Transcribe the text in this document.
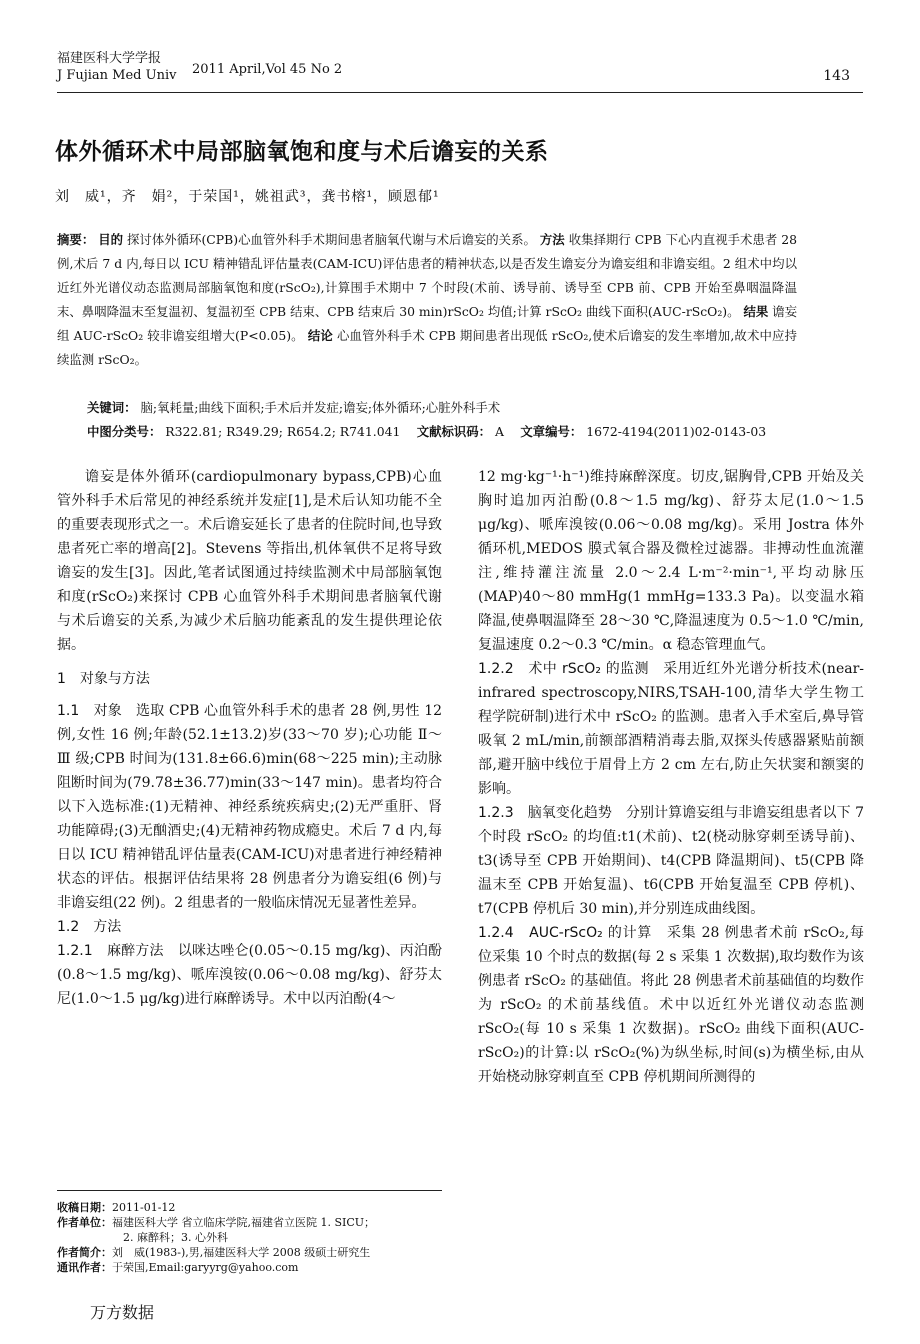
福建医科大学学报
J Fujian Med Univ 2011 April,Vol 45 No 2	143
体外循环术中局部脑氧饱和度与术后谵妄的关系
刘　威¹，齐　娟²，于荣国¹，姚祖武³，龚书榕¹，顾恩郁¹
摘要： 目的 探讨体外循环(CPB)心血管外科手术期间患者脑氧代谢与术后谵妄的关系。 方法 收集择期行 CPB 下心内直视手术患者 28 例,术后 7 d 内,每日以 ICU 精神错乱评估量表(CAM-ICU)评估患者的精神状态,以是否发生谵妄分为谵妄组和非谵妄组。2 组术中均以近红外光谱仪动态监测局部脑氧饱和度(rScO₂),计算围手术期中 7 个时段(术前、诱导前、诱导至 CPB 前、CPB 开始至鼻咽温降温末、鼻咽降温末至复温初、复温初至 CPB 结束、CPB 结束后 30 min)rScO₂ 均值;计算 rScO₂ 曲线下面积(AUC-rScO₂)。 结果 谵妄组 AUC-rScO₂ 较非谵妄组增大(P<0.05)。 结论 心血管外科手术 CPB 期间患者出现低 rScO₂,使术后谵妄的发生率增加,故术中应持续监测 rScO₂。
关键词： 脑;氧耗量;曲线下面积;手术后并发症;谵妄;体外循环;心脏外科手术
中图分类号： R322.81; R349.29; R654.2; R741.041　 文献标识码： A　 文章编号： 1672-4194(2011)02-0143-03

谵妄是体外循环(cardiopulmonary bypass,CPB)心血管外科手术后常见的神经系统并发症[1],是术后认知功能不全的重要表现形式之一。术后谵妄延长了患者的住院时间,也导致患者死亡率的增高[2]。Stevens 等指出,机体氧供不足将导致谵妄的发生[3]。因此,笔者试图通过持续监测术中局部脑氧饱和度(rScO₂)来探讨 CPB 心血管外科手术期间患者脑氧代谢与术后谵妄的关系,为减少术后脑功能紊乱的发生提供理论依据。

1　对象与方法

1.1　对象　 选取 CPB 心血管外科手术的患者 28 例,男性 12 例,女性 16 例;年龄(52.1±13.2)岁(33～70 岁);心功能 Ⅱ～Ⅲ 级;CPB 时间为(131.8±66.6)min(68～225 min);主动脉阻断时间为(79.78±36.77)min(33～147 min)。患者均符合以下入选标准:(1)无精神、神经系统疾病史;(2)无严重肝、肾功能障碍;(3)无酗酒史;(4)无精神药物成瘾史。术后 7 d 内,每日以 ICU 精神错乱评估量表(CAM-ICU)对患者进行神经精神状态的评估。根据评估结果将 28 例患者分为谵妄组(6 例)与非谵妄组(22 例)。2 组患者的一般临床情况无显著性差异。

1.2　方法

1.2.1　麻醉方法　 以咪达唑仑(0.05～0.15 mg/kg)、丙泊酚(0.8～1.5 mg/kg)、哌库溴铵(0.06～0.08 mg/kg)、舒芬太尼(1.0～1.5 μg/kg)进行麻醉诱导。术中以丙泊酚(4～

12 mg·kg⁻¹·h⁻¹)维持麻醉深度。切皮,锯胸骨,CPB 开始及关胸时追加丙泊酚(0.8～1.5 mg/kg)、舒芬太尼(1.0～1.5 μg/kg)、哌库溴铵(0.06～0.08 mg/kg)。采用 Jostra 体外循环机,MEDOS 膜式氧合器及微栓过滤器。非搏动性血流灌注,维持灌注流量 2.0～2.4 L·m⁻²·min⁻¹,平均动脉压(MAP)40～80 mmHg(1 mmHg=133.3 Pa)。以变温水箱降温,使鼻咽温降至 28～30 ℃,降温速度为 0.5～1.0 ℃/min,复温速度 0.2～0.3 ℃/min。α 稳态管理血气。

1.2.2　术中 rScO₂ 的监测　 采用近红外光谱分析技术(near-infrared spectroscopy,NIRS,TSAH-100,清华大学生物工程学院研制)进行术中 rScO₂ 的监测。患者入手术室后,鼻导管吸氧 2 mL/min,前额部酒精消毒去脂,双探头传感器紧贴前额部,避开脑中线位于眉骨上方 2 cm 左右,防止矢状窦和额窦的影响。

1.2.3　脑氧变化趋势　 分别计算谵妄组与非谵妄组患者以下 7 个时段 rScO₂ 的均值:t1(术前)、t2(桡动脉穿刺至诱导前)、t3(诱导至 CPB 开始期间)、t4(CPB 降温期间)、t5(CPB 降温末至 CPB 开始复温)、t6(CPB 开始复温至 CPB 停机)、t7(CPB 停机后 30 min),并分别连成曲线图。

1.2.4　AUC-rScO₂ 的计算　 采集 28 例患者术前 rScO₂,每位采集 10 个时点的数据(每 2 s 采集 1 次数据),取均数作为该例患者 rScO₂ 的基础值。将此 28 例患者术前基础值的均数作为 rScO₂ 的术前基线值。术中以近红外光谱仪动态监测 rScO₂(每 10 s 采集 1 次数据)。rScO₂ 曲线下面积(AUC-rScO₂)的计算:以 rScO₂(%)为纵坐标,时间(s)为横坐标,由从开始桡动脉穿刺直至 CPB 停机期间所测得的

收稿日期：2011-01-12
作者单位：福建医科大学 省立临床学院,福建省立医院 1. SICU；
2. 麻醉科；3. 心外科
作者简介：刘　威(1983-),男,福建医科大学 2008 级硕士研究生
通讯作者：于荣国,Email:garyyrg@yahoo.com
万方数据
